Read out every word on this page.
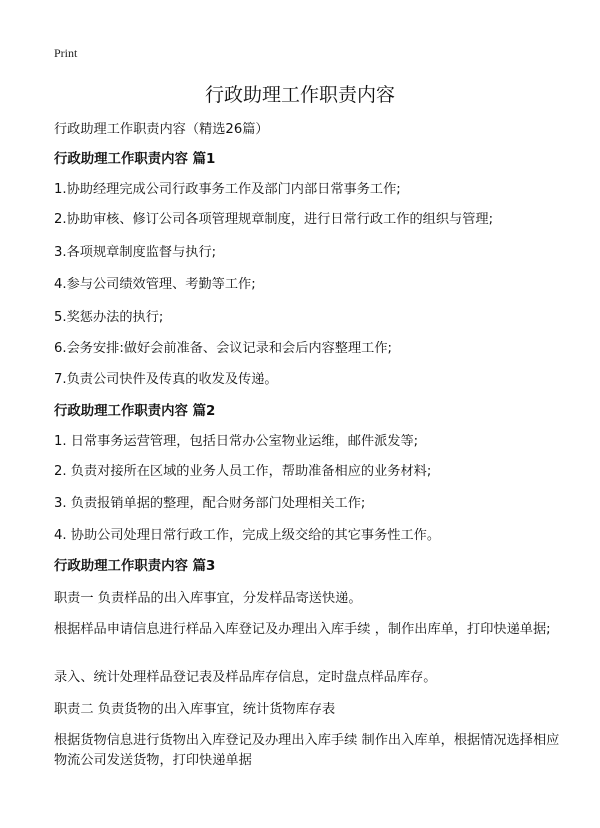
Print
行政助理工作职责内容
行政助理工作职责内容（精选26篇）
行政助理工作职责内容 篇1
1.协助经理完成公司行政事务工作及部门内部日常事务工作;
2.协助审核、修订公司各项管理规章制度，进行日常行政工作的组织与管理;
3.各项规章制度监督与执行;
4.参与公司绩效管理、考勤等工作;
5.奖惩办法的执行;
6.会务安排:做好会前准备、会议记录和会后内容整理工作;
7.负责公司快件及传真的收发及传递。
行政助理工作职责内容 篇2
1. 日常事务运营管理，包括日常办公室物业运维，邮件派发等;
2. 负责对接所在区域的业务人员工作，帮助准备相应的业务材料;
3. 负责报销单据的整理，配合财务部门处理相关工作;
4. 协助公司处理日常行政工作，完成上级交给的其它事务性工作。
行政助理工作职责内容 篇3
职责一 负责样品的出入库事宜，分发样品寄送快递。
根据样品申请信息进行样品入库登记及办理出入库手续 ，制作出库单，打印快递单据;
录入、统计处理样品登记表及样品库存信息，定时盘点样品库存。
职责二 负责货物的出入库事宜，统计货物库存表
根据货物信息进行货物出入库登记及办理出入库手续 制作出入库单，根据情况选择相应物流公司发送货物，打印快递单据
